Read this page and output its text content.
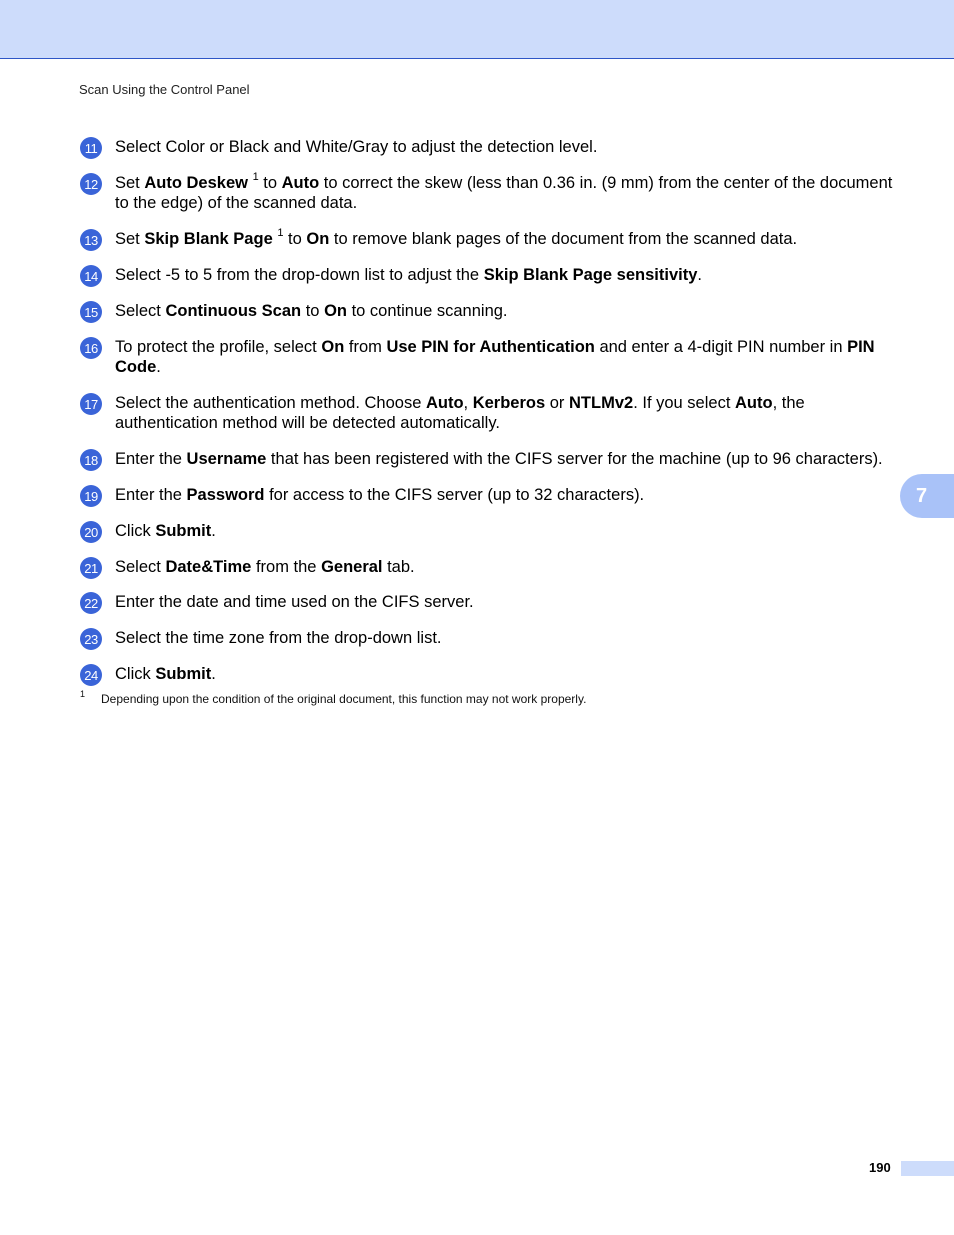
Scan Using the Control Panel
7
11 Select Color or Black and White/Gray to adjust the detection level.
12 Set Auto Deskew $^1$ to Auto to correct the skew (less than 0.36 in. (9 mm) from the center of the document to the edge) of the scanned data.
13 Set Skip Blank Page $^1$ to On to remove blank pages of the document from the scanned data.
14 Select -5 to 5 from the drop-down list to adjust the Skip Blank Page sensitivity.
15 Select Continuous Scan to On to continue scanning.
16 To protect the profile, select On from Use PIN for Authentication and enter a 4-digit PIN number in PIN Code.
17 Select the authentication method. Choose Auto, Kerberos or NTLMv2. If you select Auto, the authentication method will be detected automatically.
18 Enter the Username that has been registered with the CIFS server for the machine (up to 96 characters).
19 Enter the Password for access to the CIFS server (up to 32 characters).
20 Click Submit.
21 Select Date&Time from the General tab.
22 Enter the date and time used on the CIFS server.
23 Select the time zone from the drop-down list.
24 Click Submit.
1 Depending upon the condition of the original document, this function may not work properly.
190
